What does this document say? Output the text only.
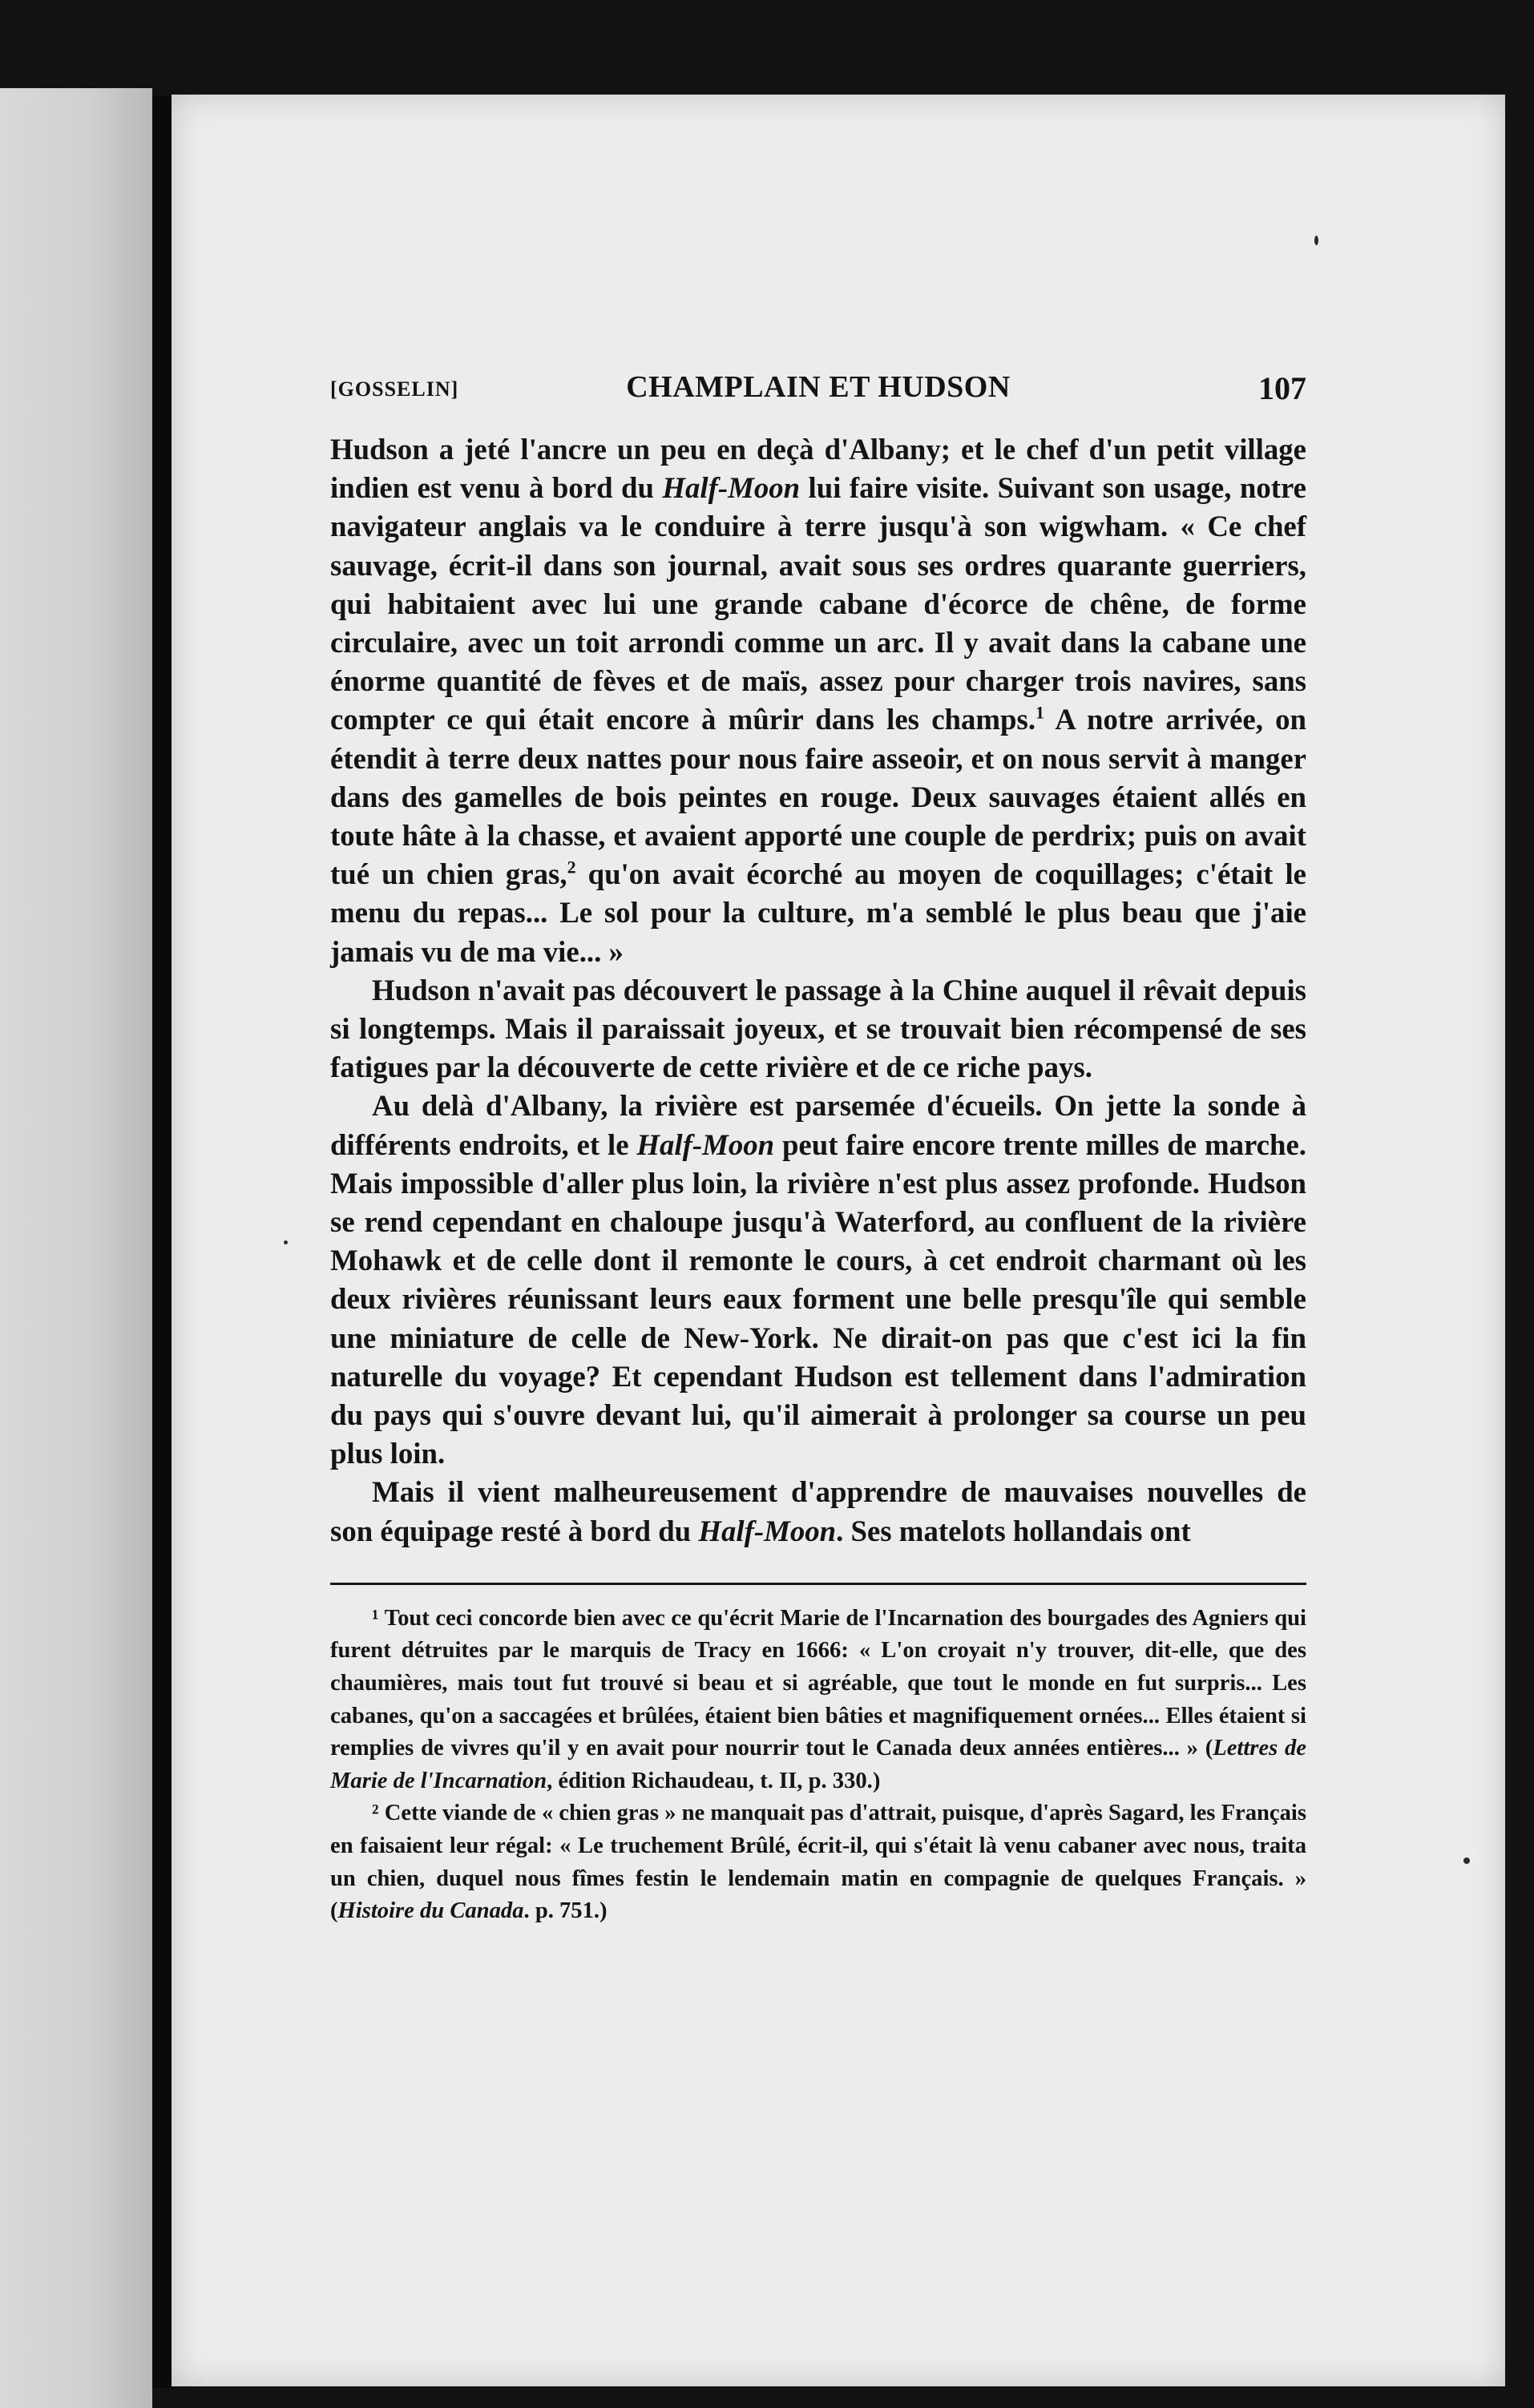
[GOSSELIN]	CHAMPLAIN ET HUDSON	107

Hudson a jeté l'ancre un peu en deçà d'Albany; et le chef d'un petit village indien est venu à bord du Half-Moon lui faire visite. Suivant son usage, notre navigateur anglais va le conduire à terre jusqu'à son wigwham. « Ce chef sauvage, écrit-il dans son journal, avait sous ses ordres quarante guerriers, qui habitaient avec lui une grande cabane d'écorce de chêne, de forme circulaire, avec un toit arrondi comme un arc. Il y avait dans la cabane une énorme quantité de fèves et de maïs, assez pour charger trois navires, sans compter ce qui était encore à mûrir dans les champs.$^1$ A notre arrivée, on étendit à terre deux nattes pour nous faire asseoir, et on nous servit à manger dans des gamelles de bois peintes en rouge. Deux sauvages étaient allés en toute hâte à la chasse, et avaient apporté une couple de perdrix; puis on avait tué un chien gras,$^2$ qu'on avait écorché au moyen de coquillages; c'était le menu du repas... Le sol pour la culture, m'a semblé le plus beau que j'aie jamais vu de ma vie... »

Hudson n'avait pas découvert le passage à la Chine auquel il rêvait depuis si longtemps. Mais il paraissait joyeux, et se trouvait bien récompensé de ses fatigues par la découverte de cette rivière et de ce riche pays.

Au delà d'Albany, la rivière est parsemée d'écueils. On jette la sonde à différents endroits, et le Half-Moon peut faire encore trente milles de marche. Mais impossible d'aller plus loin, la rivière n'est plus assez profonde. Hudson se rend cependant en chaloupe jusqu'à Waterford, au confluent de la rivière Mohawk et de celle dont il remonte le cours, à cet endroit charmant où les deux rivières réunissant leurs eaux forment une belle presqu'île qui semble une miniature de celle de New-York. Ne dirait-on pas que c'est ici la fin naturelle du voyage? Et cependant Hudson est tellement dans l'admiration du pays qui s'ouvre devant lui, qu'il aimerait à prolonger sa course un peu plus loin.

Mais il vient malheureusement d'apprendre de mauvaises nouvelles de son équipage resté à bord du Half-Moon. Ses matelots hollandais ont

¹ Tout ceci concorde bien avec ce qu'écrit Marie de l'Incarnation des bourgades des Agniers qui furent détruites par le marquis de Tracy en 1666: « L'on croyait n'y trouver, dit-elle, que des chaumières, mais tout fut trouvé si beau et si agréable, que tout le monde en fut surpris... Les cabanes, qu'on a saccagées et brûlées, étaient bien bâties et magnifiquement ornées... Elles étaient si remplies de vivres qu'il y en avait pour nourrir tout le Canada deux années entières... » (Lettres de Marie de l'Incarnation, édition Richaudeau, t. II, p. 330.)

² Cette viande de « chien gras » ne manquait pas d'attrait, puisque, d'après Sagard, les Français en faisaient leur régal: « Le truchement Brûlé, écrit-il, qui s'était là venu cabaner avec nous, traita un chien, duquel nous fîmes festin le lendemain matin en compagnie de quelques Français. » (Histoire du Canada. p. 751.)
